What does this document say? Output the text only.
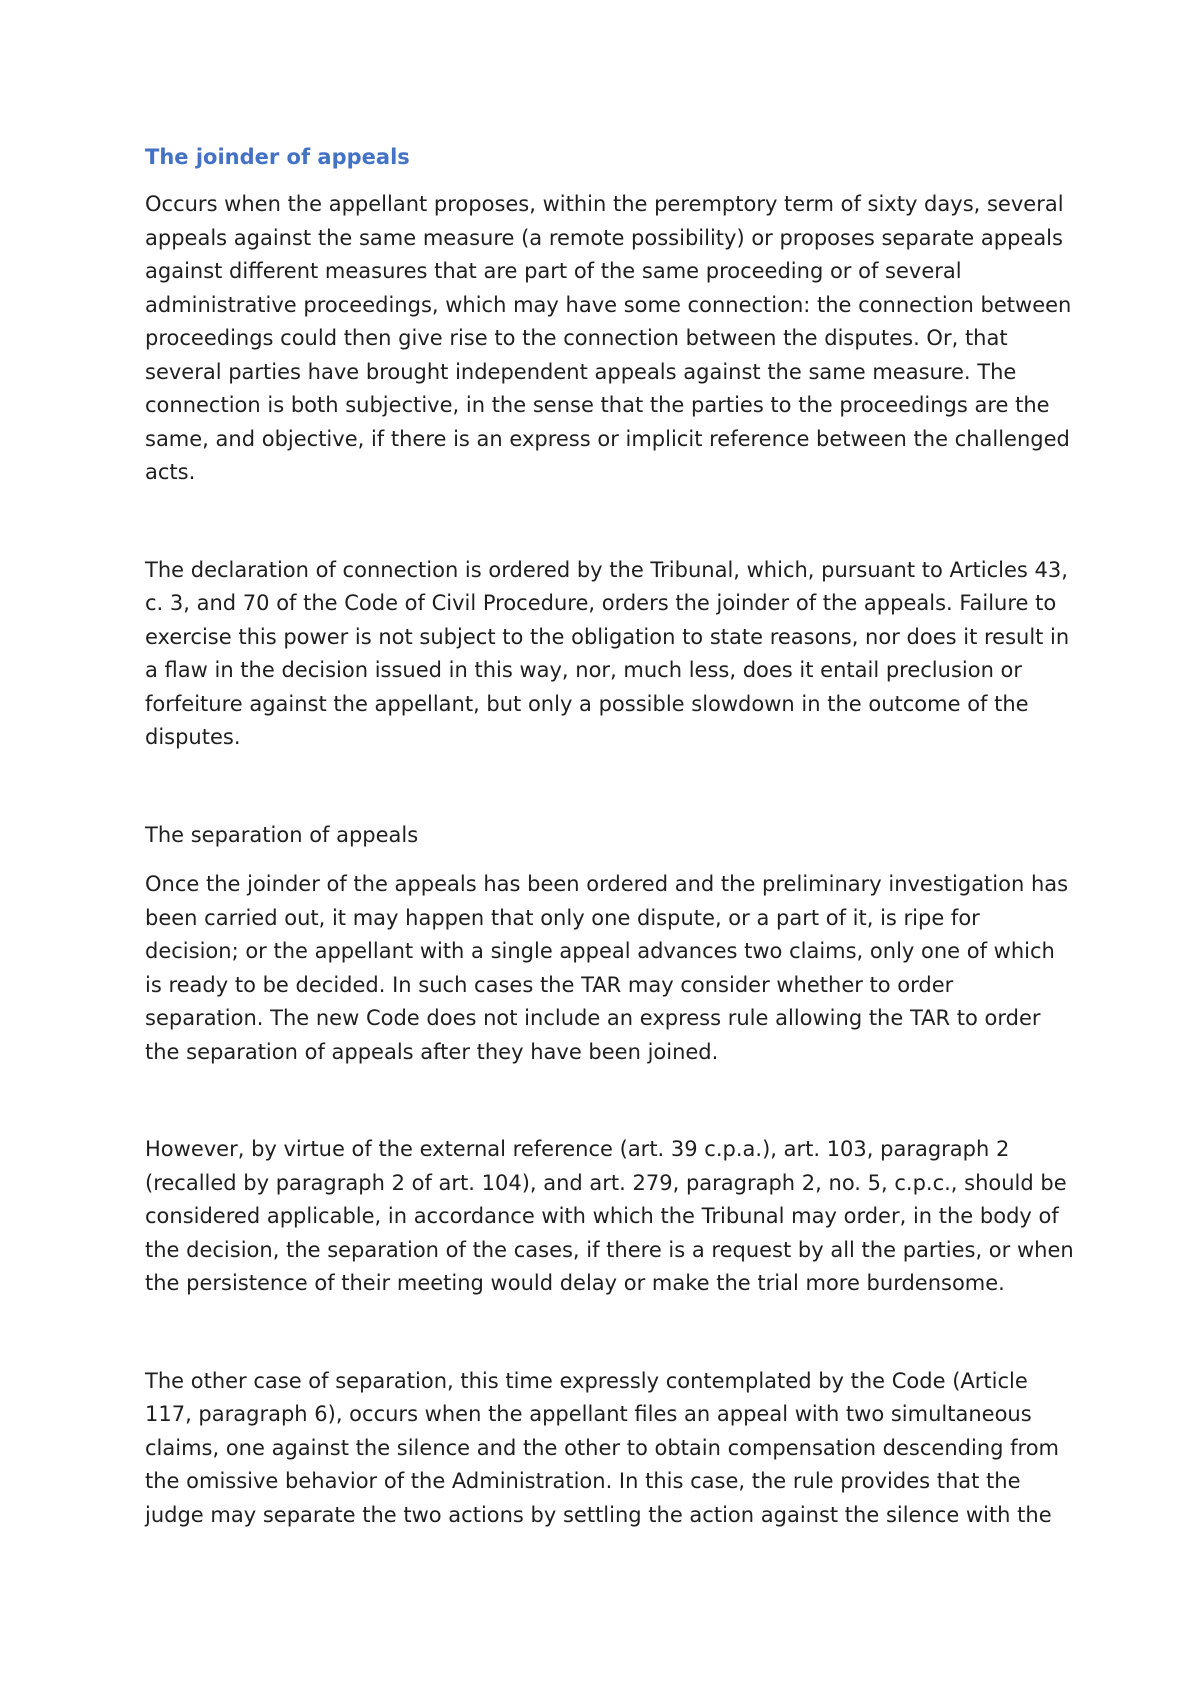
The joinder of appeals

Occurs when the appellant proposes, within the peremptory term of sixty days, several appeals against the same measure (a remote possibility) or proposes separate appeals against different measures that are part of the same proceeding or of several administrative proceedings, which may have some connection: the connection between proceedings could then give rise to the connection between the disputes. Or, that several parties have brought independent appeals against the same measure. The connection is both subjective, in the sense that the parties to the proceedings are the same, and objective, if there is an express or implicit reference between the challenged acts.

The declaration of connection is ordered by the Tribunal, which, pursuant to Articles 43, c. 3, and 70 of the Code of Civil Procedure, orders the joinder of the appeals. Failure to exercise this power is not subject to the obligation to state reasons, nor does it result in a flaw in the decision issued in this way, nor, much less, does it entail preclusion or forfeiture against the appellant, but only a possible slowdown in the outcome of the disputes.

The separation of appeals

Once the joinder of the appeals has been ordered and the preliminary investigation has been carried out, it may happen that only one dispute, or a part of it, is ripe for decision; or the appellant with a single appeal advances two claims, only one of which is ready to be decided. In such cases the TAR may consider whether to order separation. The new Code does not include an express rule allowing the TAR to order the separation of appeals after they have been joined.

However, by virtue of the external reference (art. 39 c.p.a.), art. 103, paragraph 2 (recalled by paragraph 2 of art. 104), and art. 279, paragraph 2, no. 5, c.p.c., should be considered applicable, in accordance with which the Tribunal may order, in the body of the decision, the separation of the cases, if there is a request by all the parties, or when the persistence of their meeting would delay or make the trial more burdensome.

The other case of separation, this time expressly contemplated by the Code (Article 117, paragraph 6), occurs when the appellant files an appeal with two simultaneous claims, one against the silence and the other to obtain compensation descending from the omissive behavior of the Administration. In this case, the rule provides that the judge may separate the two actions by settling the action against the silence with the
